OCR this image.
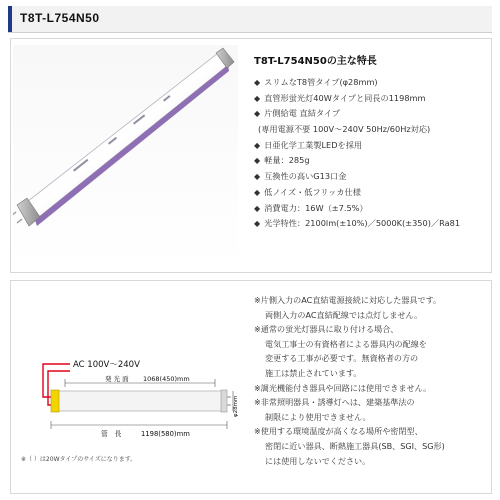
T8T-L754N50
T8T-L754N50の主な特長
◆ スリムなT8管タイプ(φ28mm)
◆ 直管形蛍光灯40Wタイプと同長の1198mm
◆ 片側給電 直結タイプ
(専用電源不要 100V～240V 50Hz/60Hz対応)
◆ 日亜化学工業製LEDを採用
◆ 軽量：285g
◆ 互換性の高いG13口金
◆ 低ノイズ・低フリッカ仕様
◆ 消費電力：16W（±7.5%）
◆ 光学特性：2100lm(±10%)／5000K(±350)／Ra81
AC 100V～240V
発 光 面 1068(450)mm
φ28mm
管　長	1198(580)mm
※（ ）は20Wタイプのサイズになります。

※片側入力のAC直結電源接続に対応した器具です。

両側入力のAC直結配線では点灯しません。

※通常の蛍光灯器具に取り付ける場合、

電気工事士の有資格者による器具内の配線を

変更する工事が必要です。無資格者の方の

施工は禁止されています。

※調光機能付き器具や回路には使用できません。

※非常照明器具・誘導灯へは、建築基準法の

制限により使用できません。

※使用する環境温度が高くなる場所や密閉型、

密閉に近い器具、断熱施工器具(SB、SGI、SG形)

には使用しないでください。
